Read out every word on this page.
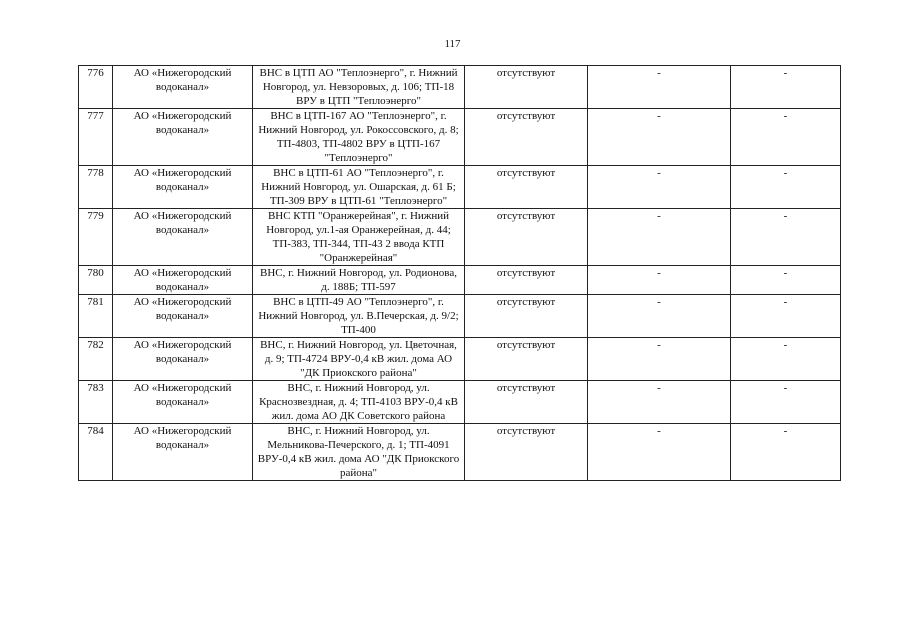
117
776	АО «Нижегородский водоканал»	ВНС в ЦТП АО "Теплоэнерго", г. Нижний Новгород, ул. Невзоровых, д. 106; ТП-18 ВРУ в ЦТП "Теплоэнерго"	отсутствуют	-	-
777	АО «Нижегородский водоканал»	ВНС в ЦТП-167 АО "Теплоэнерго", г. Нижний Новгород, ул. Рокоссовского, д. 8; ТП-4803, ТП-4802 ВРУ в ЦТП-167 "Теплоэнерго"	отсутствуют	-	-
778	АО «Нижегородский водоканал»	ВНС в ЦТП-61 АО "Теплоэнерго", г. Нижний Новгород, ул. Ошарская, д. 61 Б; ТП-309 ВРУ в ЦТП-61 "Теплоэнерго"	отсутствуют	-	-
779	АО «Нижегородский водоканал»	ВНС КТП "Оранжерейная", г. Нижний Новгород, ул.1-ая Оранжерейная, д. 44; ТП-383, ТП-344, ТП-43 2 ввода КТП "Оранжерейная"	отсутствуют	-	-
780	АО «Нижегородский водоканал»	ВНС, г. Нижний Новгород, ул. Родионова, д. 188Б; ТП-597	отсутствуют	-	-
781	АО «Нижегородский водоканал»	ВНС в ЦТП-49 АО "Теплоэнерго", г. Нижний Новгород, ул. В.Печерская, д. 9/2; ТП-400	отсутствуют	-	-
782	АО «Нижегородский водоканал»	ВНС, г. Нижний Новгород, ул. Цветочная, д. 9; ТП-4724 ВРУ-0,4 кВ жил. дома АО "ДК Приокского района"	отсутствуют	-	-
783	АО «Нижегородский водоканал»	ВНС, г. Нижний Новгород, ул. Краснозвездная, д. 4; ТП-4103 ВРУ-0,4 кВ жил. дома АО ДК Советского района	отсутствуют	-	-
784	АО «Нижегородский водоканал»	ВНС, г. Нижний Новгород, ул. Мельникова-Печерского, д. 1; ТП-4091 ВРУ-0,4 кВ жил. дома АО "ДК Приокского района"	отсутствуют	-	-
